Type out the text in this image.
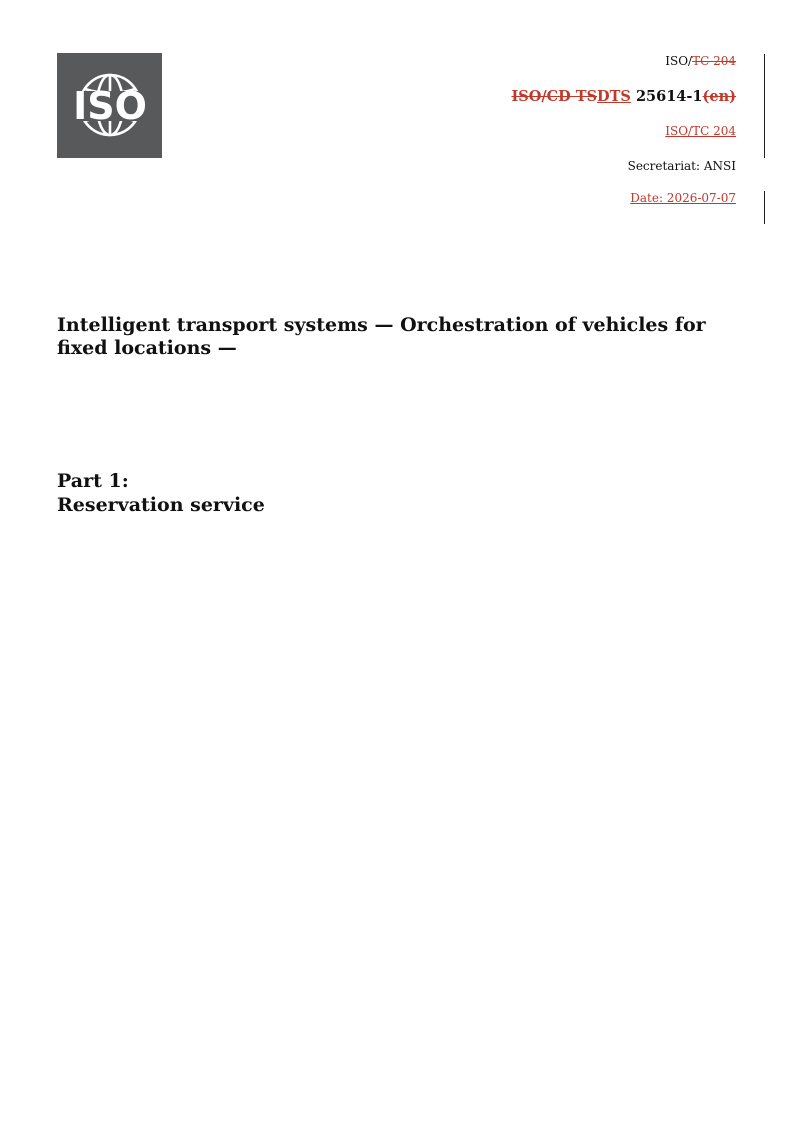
ISO
ISO/TC 204
ISO/CD TSDTS 25614-1(en)
ISO/TC 204
Secretariat: ANSI
Date: 2026-07-07
Intelligent transport systems — Orchestration of vehicles for fixed locations —
Part 1:
Reservation service
